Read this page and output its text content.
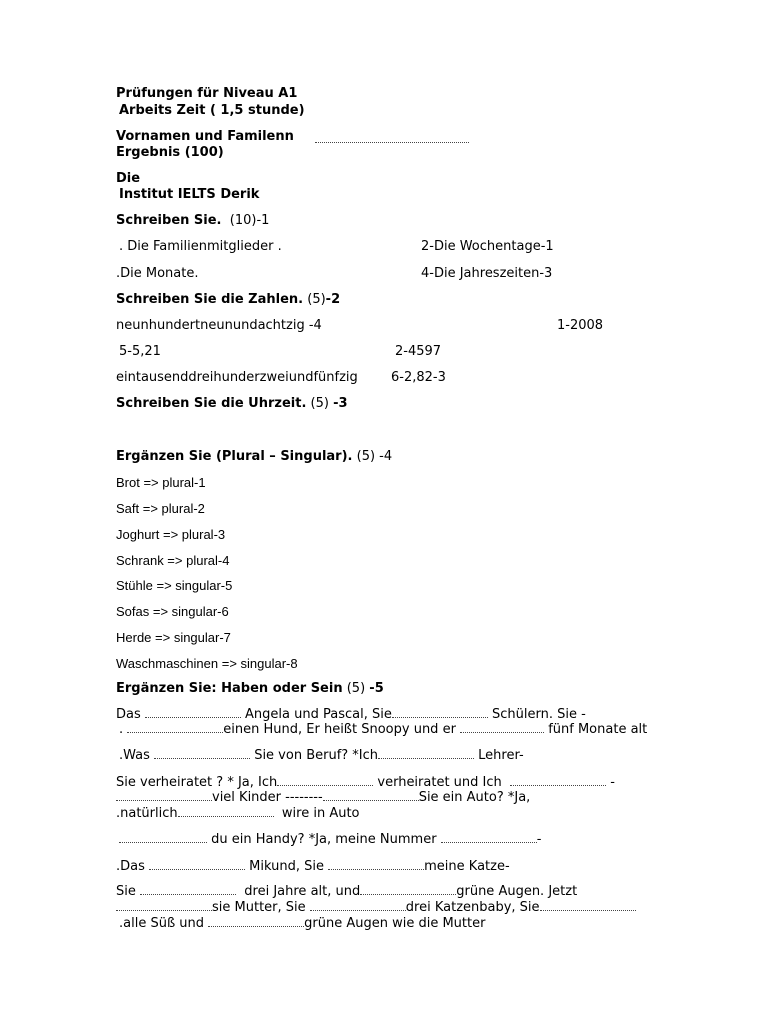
Prüfungen für Niveau A1
Arbeits Zeit ( 1,5 stunde)
Vornamen und Familenn
Ergebnis (100)
Die
Institut IELTS Derik
Schreiben Sie. (10)-1
. Die Familienmitglieder .	2-Die Wochentage-1
.Die Monate.	4-Die Jahreszeiten-3
Schreiben Sie die Zahlen. (5)-2
neunhundertneunundachtzig -4	1-2008
5-5,21	2-4597
eintausenddreihunderzweiundfünfzig	6-2,82-3
Schreiben Sie die Uhrzeit. (5) -3
Ergänzen Sie (Plural – Singular). (5) -4
Brot => plural-1
Saft => plural-2
Joghurt => plural-3
Schrank => plural-4
Stühle => singular-5
Sofas => singular-6
Herde => singular-7
Waschmaschinen => singular-8
Ergänzen Sie: Haben oder Sein (5) -5
Das	Angela und Pascal, Sie	Schülern. Sie -
.	einen Hund, Er heißt Snoopy und er	fünf Monate alt
.Was	Sie von Beruf? *Ich	Lehrer-
Sie verheiratet ? * Ja, Ich	verheiratet und Ich	-
viel Kinder --------	Sie ein Auto? *Ja,
.natürlich	wire in Auto
du ein Handy? *Ja, meine Nummer	-
.Das	Mikund, Sie	meine Katze-
Sie	drei Jahre alt, und	grüne Augen. Jetzt
sie Mutter, Sie	drei Katzenbaby, Sie
.alle Süß und	grüne Augen wie die Mutter
